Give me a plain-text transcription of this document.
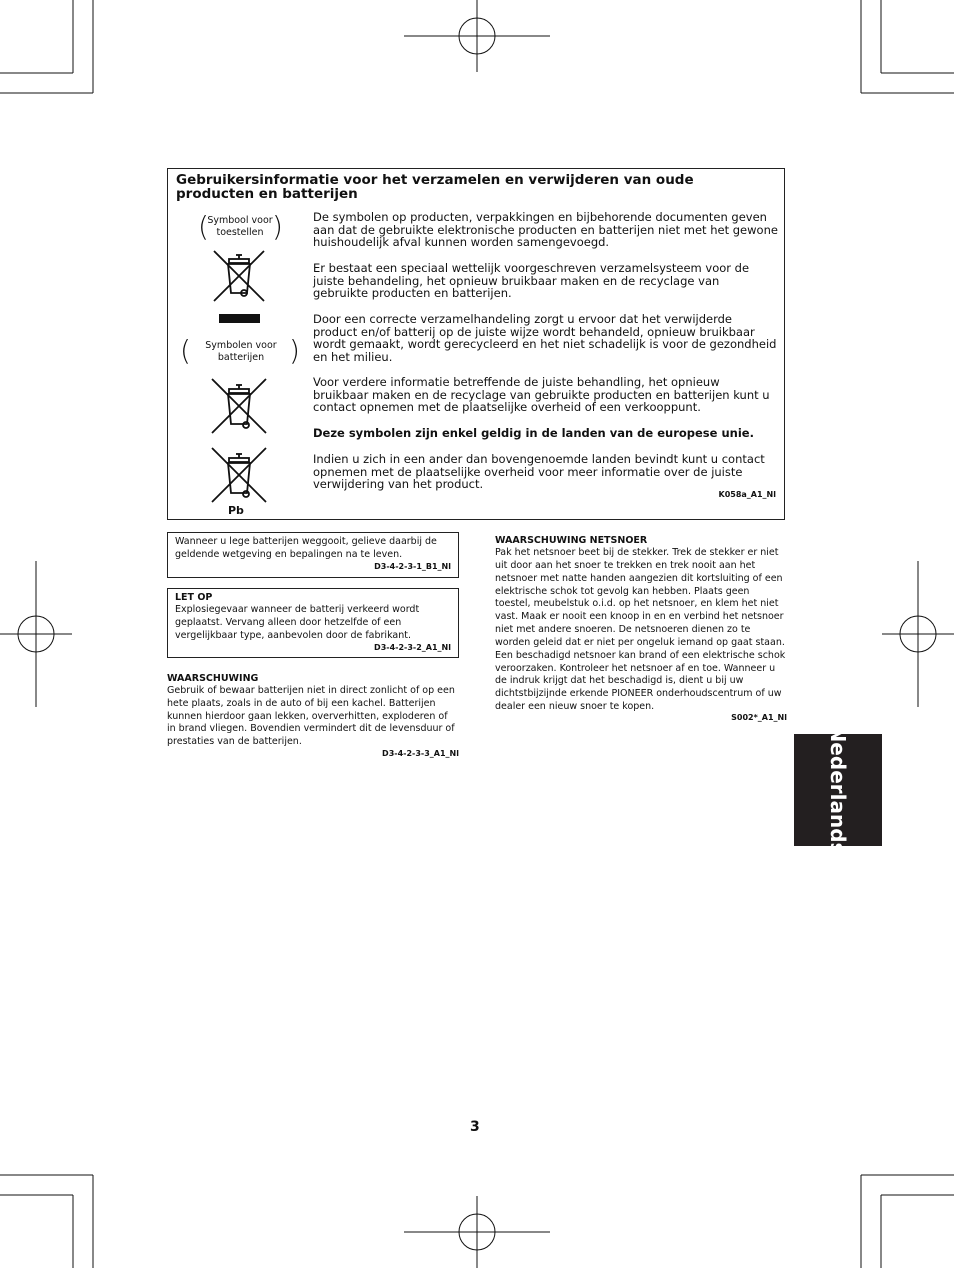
Gebruikersinformatie voor het verzamelen en verwijderen van oude producten en batterijen
( )
Symbool voor toestellen
(	)
Symbolen voor batterijen
Pb

De symbolen op producten, verpakkingen en bijbehorende documenten geven aan dat de gebruikte elektronische producten en batterijen niet met het gewone huishoudelijk afval kunnen worden samengevoegd.

Er bestaat een speciaal wettelijk voorgeschreven verzamelsysteem voor de juiste behandeling, het opnieuw bruikbaar maken en de recyclage van gebruikte producten en batterijen.

Door een correcte verzamelhandeling zorgt u ervoor dat het verwijderde product en/of batterij op de juiste wijze wordt behandeld, opnieuw bruikbaar wordt gemaakt, wordt gerecycleerd en het niet schadelijk is voor de gezondheid en het milieu.

Voor verdere informatie betreffende de juiste behandling, het opnieuw bruikbaar maken en de recyclage van gebruikte producten en batterijen kunt u contact opnemen met de plaatselijke overheid of een verkooppunt.

Deze symbolen zijn enkel geldig in de landen van de europese unie.

Indien u zich in een ander dan bovengenoemde landen bevindt kunt u contact opnemen met de plaatselijke overheid voor meer informatie over de juiste verwijdering van het product.

K058a_A1_Nl
Wanneer u lege batterijen weggooit, gelieve daarbij de geldende wetgeving en bepalingen na te leven.
D3-4-2-3-1_B1_Nl
LET OP
Explosiegevaar wanneer de batterij verkeerd wordt geplaatst. Vervang alleen door hetzelfde of een vergelijkbaar type, aanbevolen door de fabrikant.
D3-4-2-3-2_A1_Nl
WAARSCHUWING
Gebruik of bewaar batterijen niet in direct zonlicht of op een hete plaats, zoals in de auto of bij een kachel. Batterijen kunnen hierdoor gaan lekken, oververhitten, exploderen of in brand vliegen. Bovendien vermindert dit de levensduur of prestaties van de batterijen.
D3-4-2-3-3_A1_Nl
WAARSCHUWING NETSNOER
Pak het netsnoer beet bij de stekker. Trek de stekker er niet uit door aan het snoer te trekken en trek nooit aan het netsnoer met natte handen aangezien dit kortsluiting of een elektrische schok tot gevolg kan hebben. Plaats geen toestel, meubelstuk o.i.d. op het netsnoer, en klem het niet vast. Maak er nooit een knoop in en en verbind het netsnoer niet met andere snoeren. De netsnoeren dienen zo te worden geleid dat er niet per ongeluk iemand op gaat staan. Een beschadigd netsnoer kan brand of een elektrische schok veroorzaken. Kontroleer het netsnoer af en toe. Wanneer u de indruk krijgt dat het beschadigd is, dient u bij uw dichtstbijzijnde erkende PIONEER onderhoudscentrum of uw dealer een nieuw snoer te kopen.
S002*_A1_Nl
Nederlands
3
